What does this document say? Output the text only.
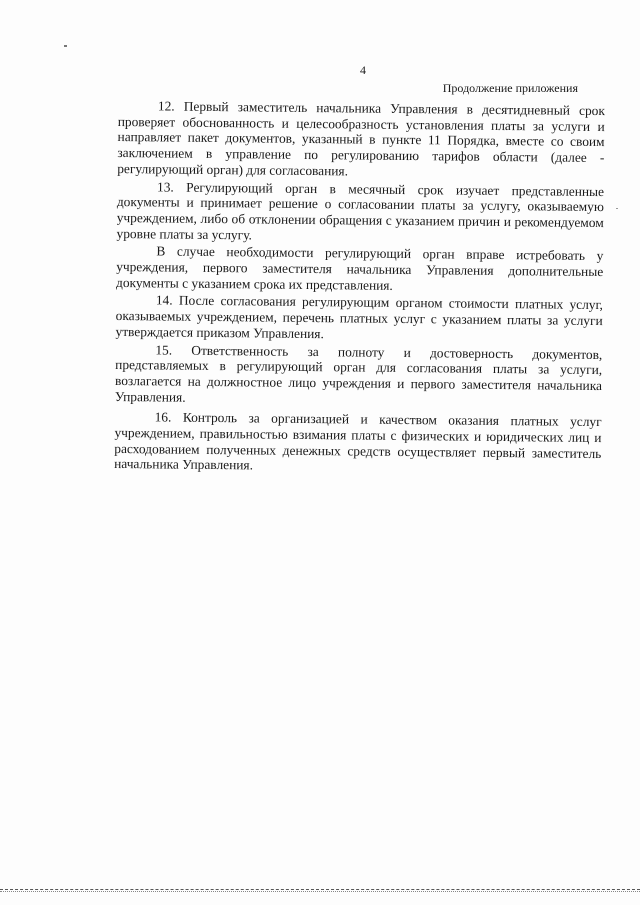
4
Продолжение приложения

12. Первый заместитель начальника Управления в десятидневный срок проверяет обоснованность и целесообразность установления платы за услуги и направляет пакет документов, указанный в пункте 11 Порядка, вместе со своим заключением в управление по регулированию тарифов области (далее - регулирующий орган) для согласования.

13. Регулирующий орган в месячный срок изучает представленные документы и принимает решение о согласовании платы за услугу, оказываемую учреждением, либо об отклонении обращения с указанием причин и рекомендуемом уровне платы за услугу.

В случае необходимости регулирующий орган вправе истребовать у учреждения, первого заместителя начальника Управления дополнительные документы с указанием срока их представления.

14. После согласования регулирующим органом стоимости платных услуг, оказываемых учреждением, перечень платных услуг с указанием платы за услуги утверждается приказом Управления.

15. Ответственность за полноту и достоверность документов, представляемых в регулирующий орган для согласования платы за услуги, возлагается на должностное лицо учреждения и первого заместителя начальника Управления.

16. Контроль за организацией и качеством оказания платных услуг учреждением, правильностью взимания платы с физических и юридических лиц и расходованием полученных денежных средств осуществляет первый заместитель начальника Управления.
